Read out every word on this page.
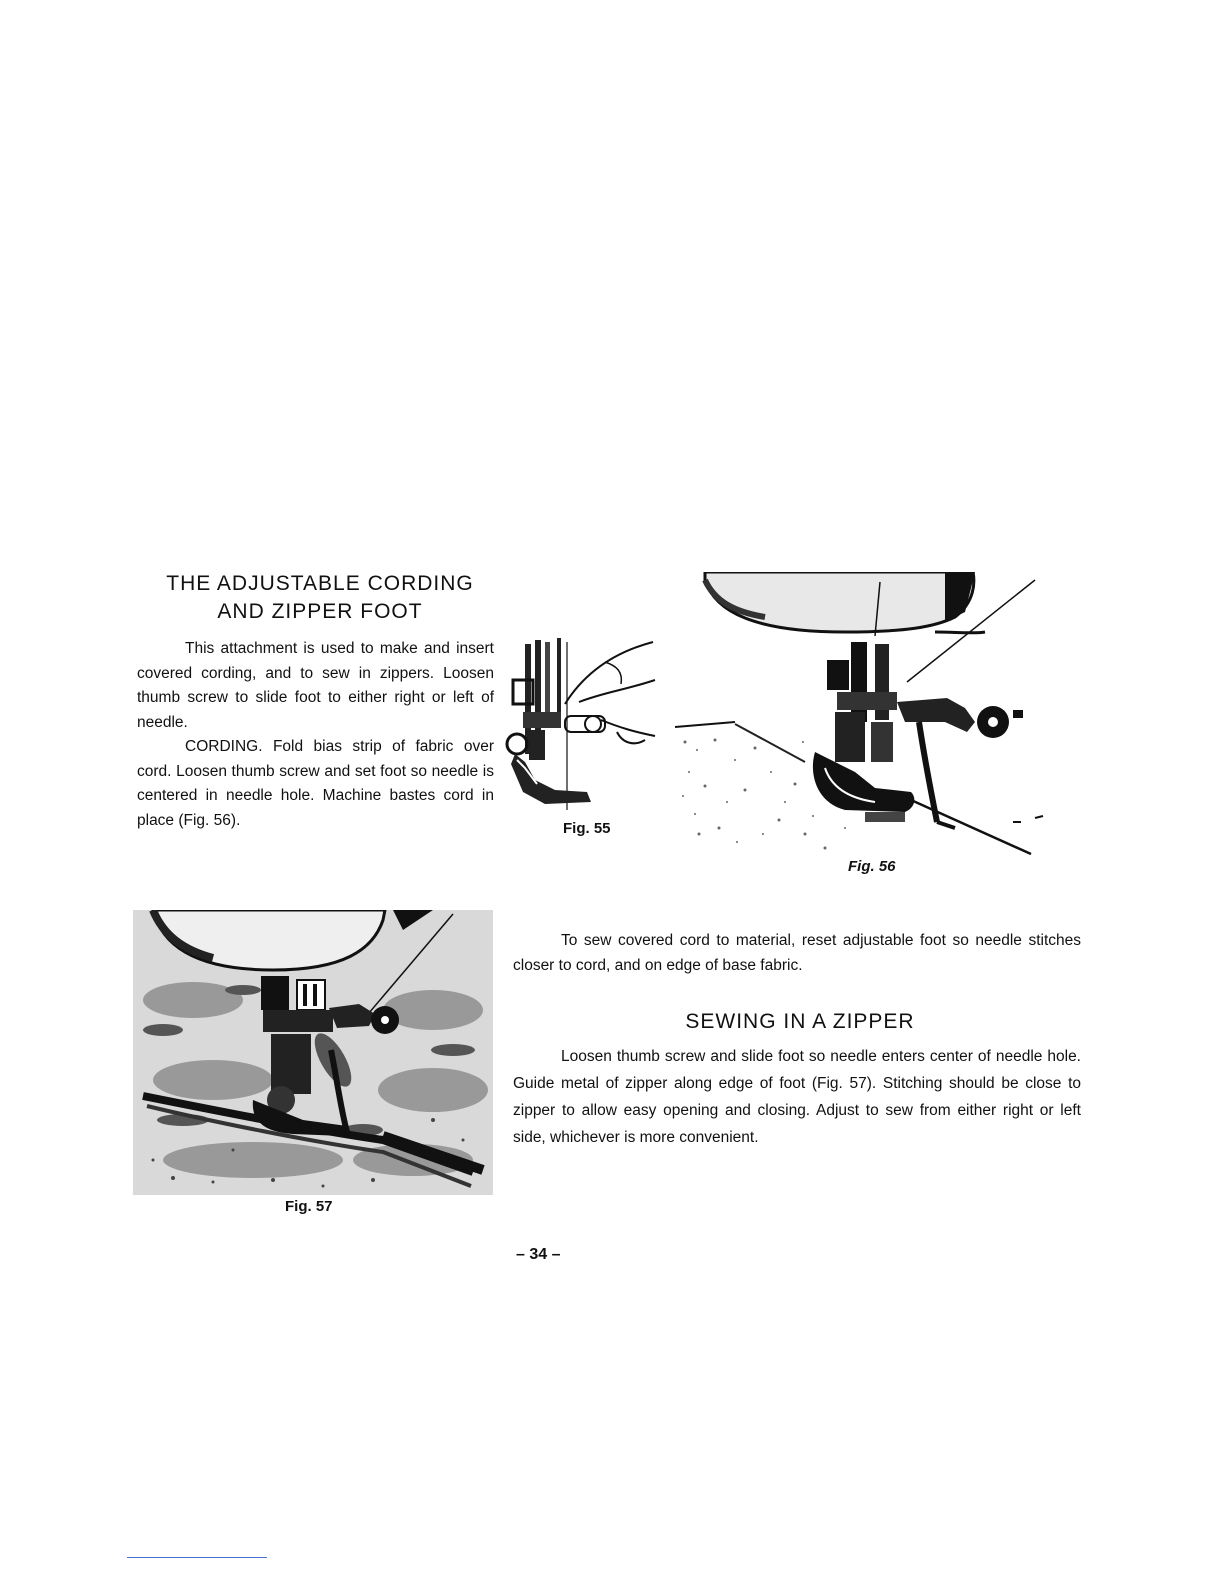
THE ADJUSTABLE CORDING
AND ZIPPER FOOT

This attachment is used to make and insert covered cording, and to sew in zippers. Loosen thumb screw to slide foot to either right or left of needle.

CORDING. Fold bias strip of fabric over cord. Loosen thumb screw and set foot so needle is centered in needle hole. Machine bastes cord in place (Fig. 56).	Fig. 55
Fig. 56
Fig. 57

To sew covered cord to material, reset adjustable foot so needle stitches closer to cord, and on edge of base fabric.

SEWING IN A ZIPPER

Loosen thumb screw and slide foot so needle enters center of needle hole. Guide metal of zipper along edge of foot (Fig. 57). Stitching should be close to zipper to allow easy opening and closing. Adjust to sew from either right or left side, whichever is more convenient.

– 34 –
